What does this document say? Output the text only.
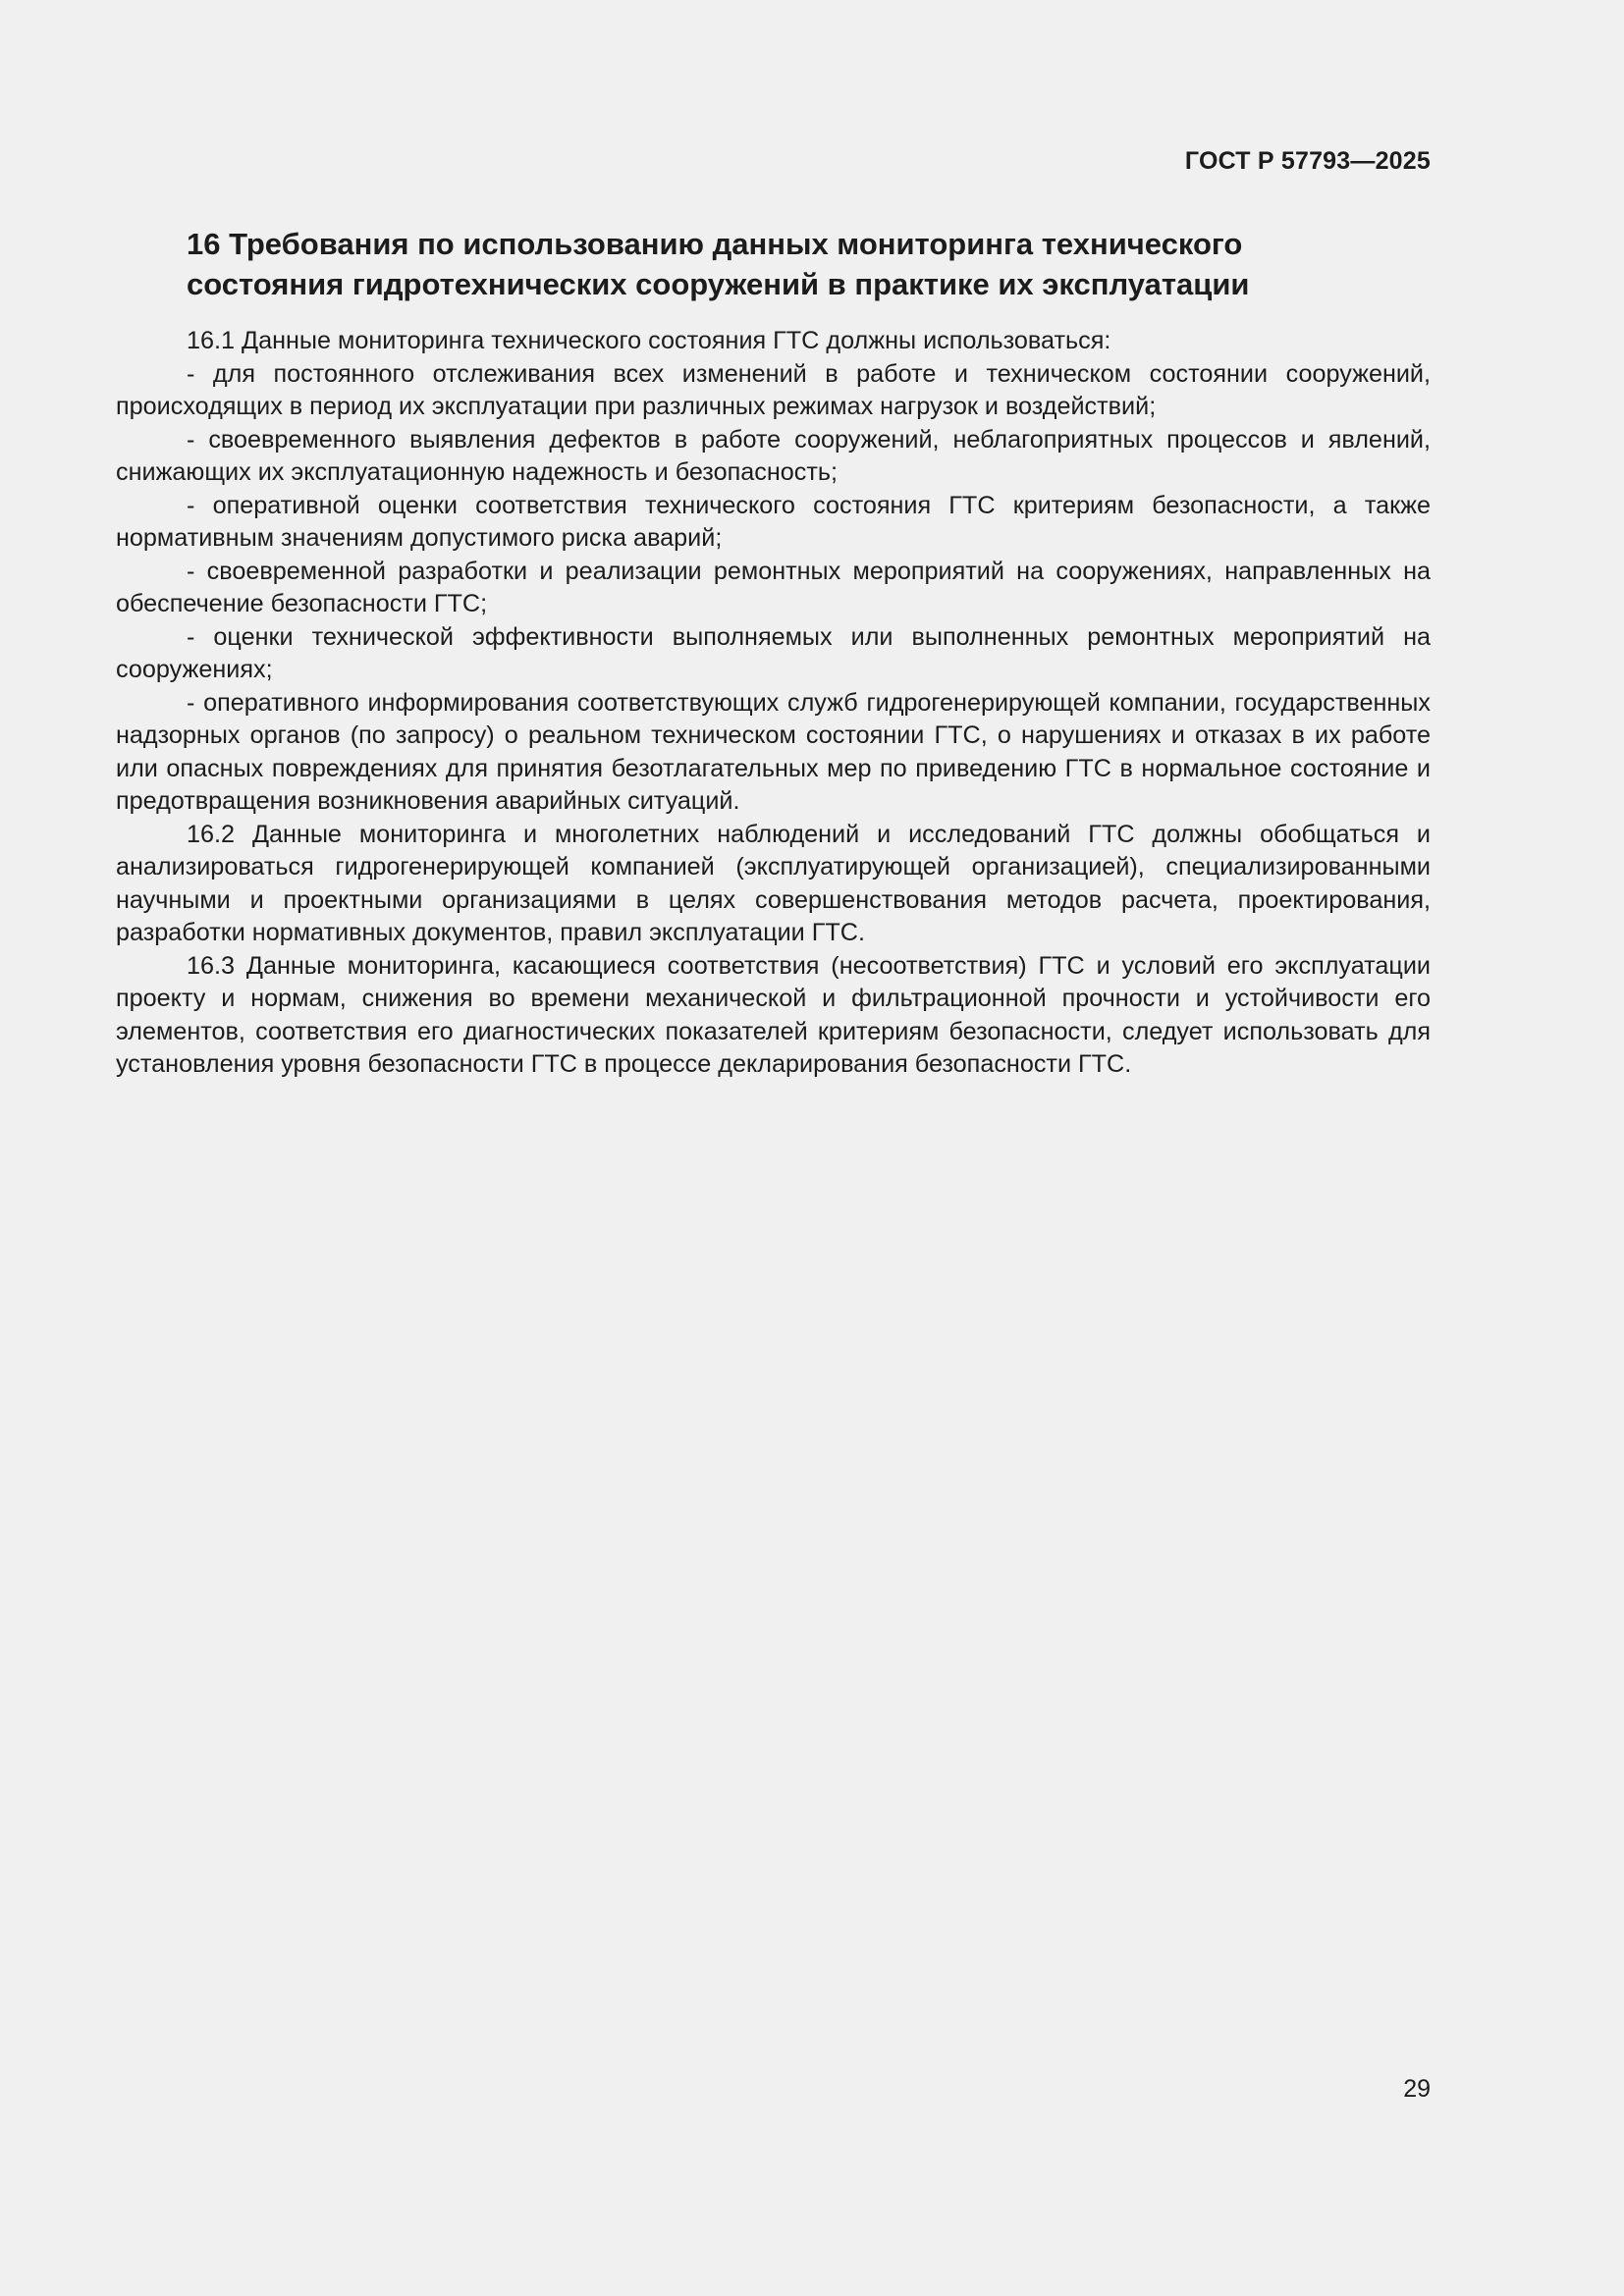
ГОСТ Р 57793—2025
16 Требования по использованию данных мониторинга технического
состояния гидротехнических сооружений в практике их эксплуатации

16.1 Данные мониторинга технического состояния ГТС должны использоваться:

- для постоянного отслеживания всех изменений в работе и техническом состоянии сооружений, происходящих в период их эксплуатации при различных режимах нагрузок и воздействий;

- своевременного выявления дефектов в работе сооружений, неблагоприятных процессов и явлений, снижающих их эксплуатационную надежность и безопасность;

- оперативной оценки соответствия технического состояния ГТС критериям безопасности, а также нормативным значениям допустимого риска аварий;

- своевременной разработки и реализации ремонтных мероприятий на сооружениях, направленных на обеспечение безопасности ГТС;

- оценки технической эффективности выполняемых или выполненных ремонтных мероприятий на сооружениях;

- оперативного информирования соответствующих служб гидрогенерирующей компании, государственных надзорных органов (по запросу) о реальном техническом состоянии ГТС, о нарушениях и отказах в их работе или опасных повреждениях для принятия безотлагательных мер по приведению ГТС в нормальное состояние и предотвращения возникновения аварийных ситуаций.

16.2 Данные мониторинга и многолетних наблюдений и исследований ГТС должны обобщаться и анализироваться гидрогенерирующей компанией (эксплуатирующей организацией), специализированными научными и проектными организациями в целях совершенствования методов расчета, проектирования, разработки нормативных документов, правил эксплуатации ГТС.

16.3 Данные мониторинга, касающиеся соответствия (несоответствия) ГТС и условий его эксплуатации проекту и нормам, снижения во времени механической и фильтрационной прочности и устойчивости его элементов, соответствия его диагностических показателей критериям безопасности, следует использовать для установления уровня безопасности ГТС в процессе декларирования безопасности ГТС.

29
